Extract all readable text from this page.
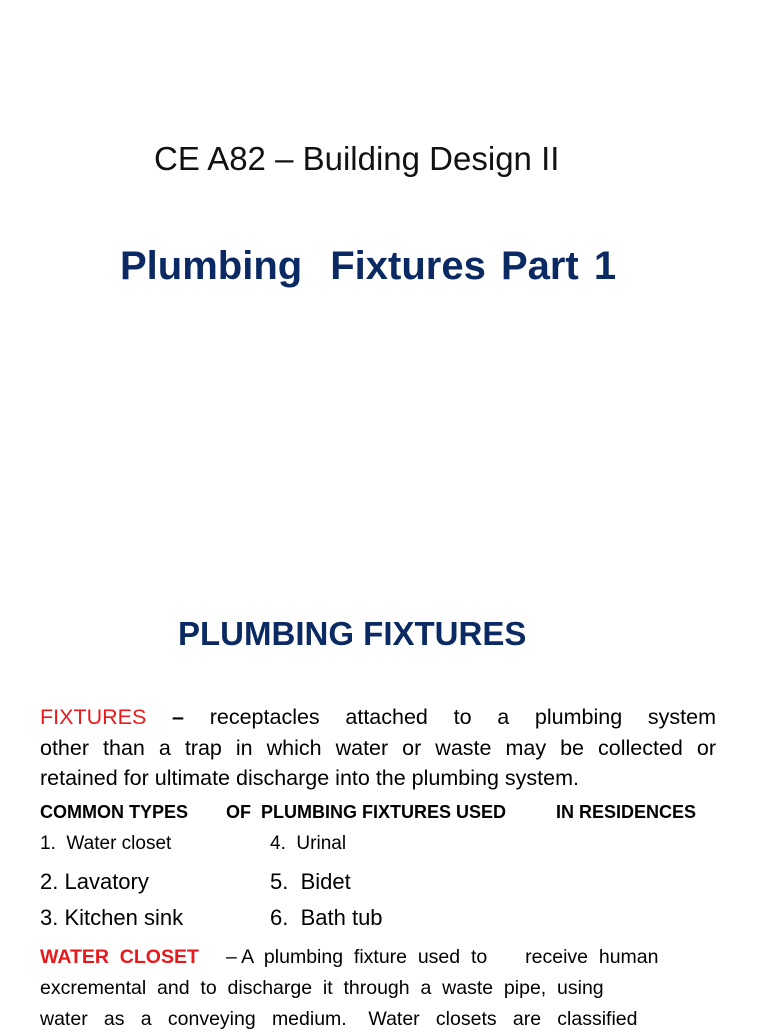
CE A82 – Building Design II
Plumbing Fixtures Part 1
PLUMBING FIXTURES
FIXTURES – receptacles attached to a plumbing system
other than a trap in which water or waste may be collected or
retained for ultimate discharge into the plumbing system.
COMMON TYPES OF  PLUMBING FIXTURES USED	IN RESIDENCES
1. Water closet	4. Urinal
2. Lavatory	5. Bidet
3. Kitchen sink	6. Bath tub
WATER  CLOSET – A  plumbing  fixture  used  to       receive  human
excremental  and  to  discharge  it  through  a  waste  pipe,  using
water   as   a   conveying   medium.    Water   closets   are   classified
